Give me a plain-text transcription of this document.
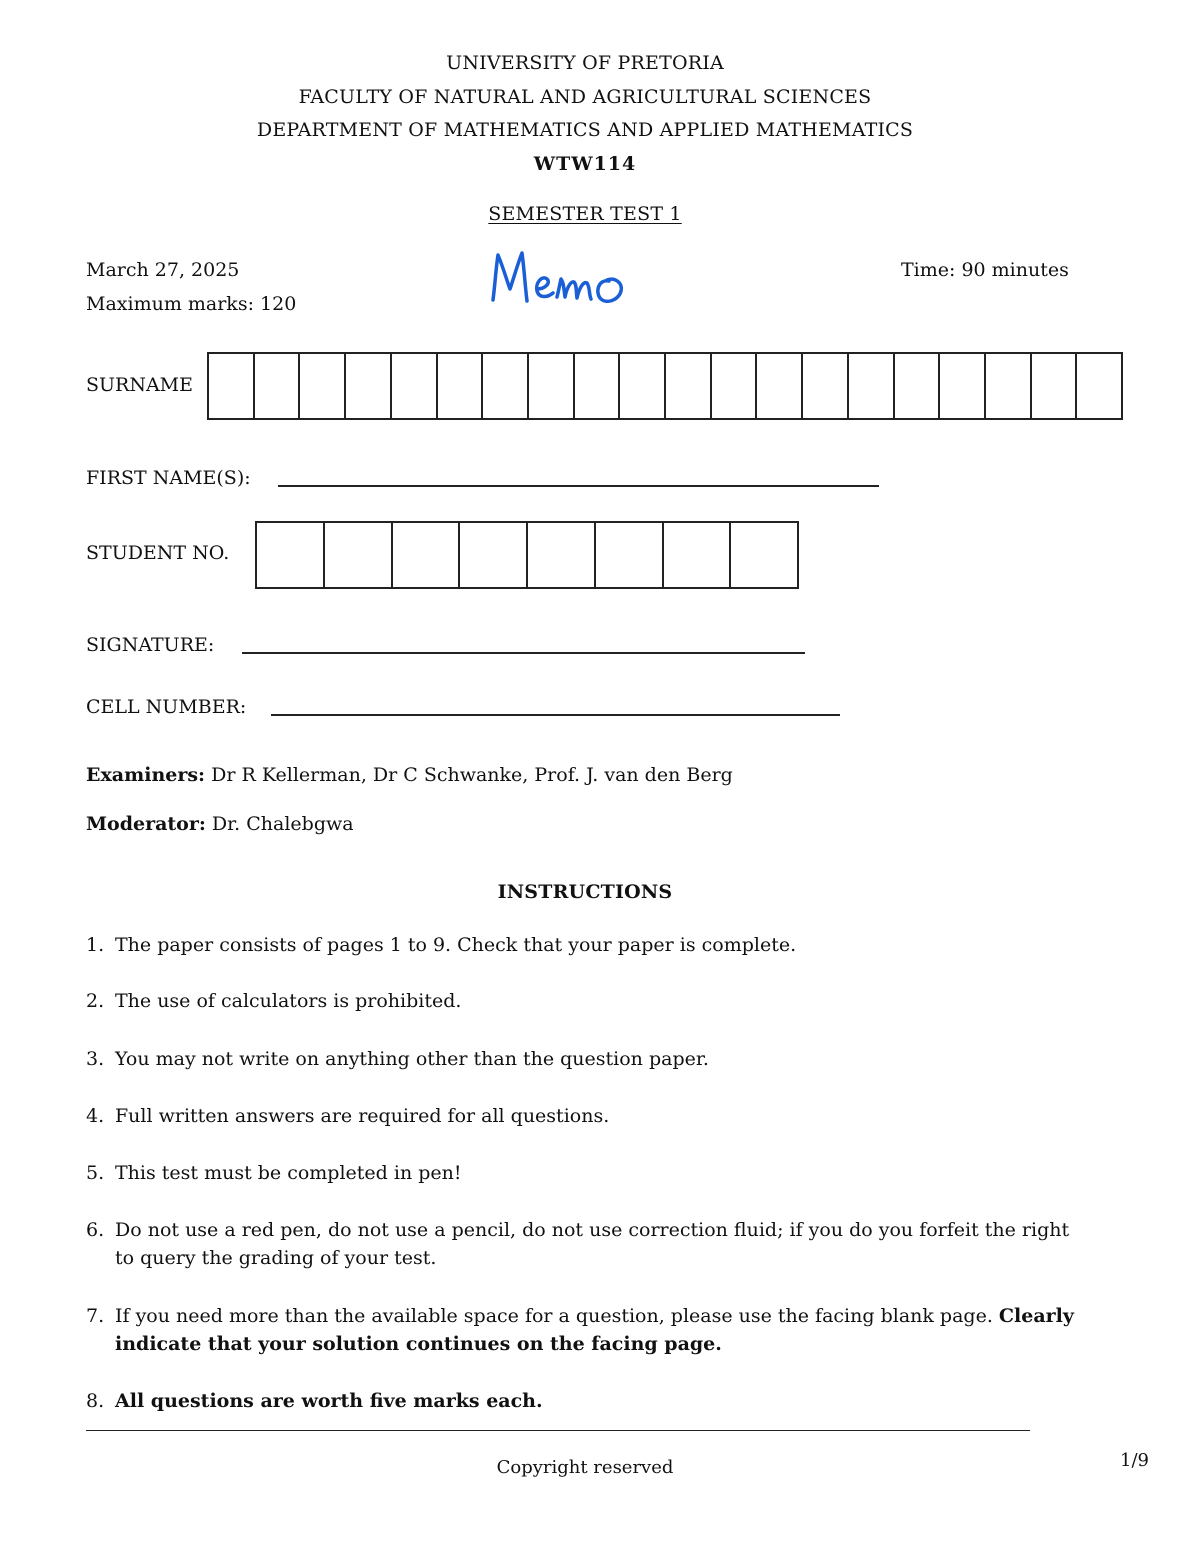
UNIVERSITY OF PRETORIA
FACULTY OF NATURAL AND AGRICULTURAL SCIENCES
DEPARTMENT OF MATHEMATICS AND APPLIED MATHEMATICS
WTW114
SEMESTER TEST 1
March 27, 2025
Maximum marks: 120
Time: 90 minutes
SURNAME
FIRST NAME(S):
STUDENT NO.
SIGNATURE:
CELL NUMBER:
Examiners: Dr R Kellerman, Dr C Schwanke, Prof. J. van den Berg
Moderator: Dr. Chalebgwa
INSTRUCTIONS
1. The paper consists of pages 1 to 9. Check that your paper is complete.
2. The use of calculators is prohibited.
3. You may not write on anything other than the question paper.
4. Full written answers are required for all questions.
5. This test must be completed in pen!
6. Do not use a red pen, do not use a pencil, do not use correction fluid; if you do you forfeit the right to query the grading of your test.
7. If you need more than the available space for a question, please use the facing blank page. Clearly indicate that your solution continues on the facing page.
8. All questions are worth five marks each.
Copyright reserved	1/9
